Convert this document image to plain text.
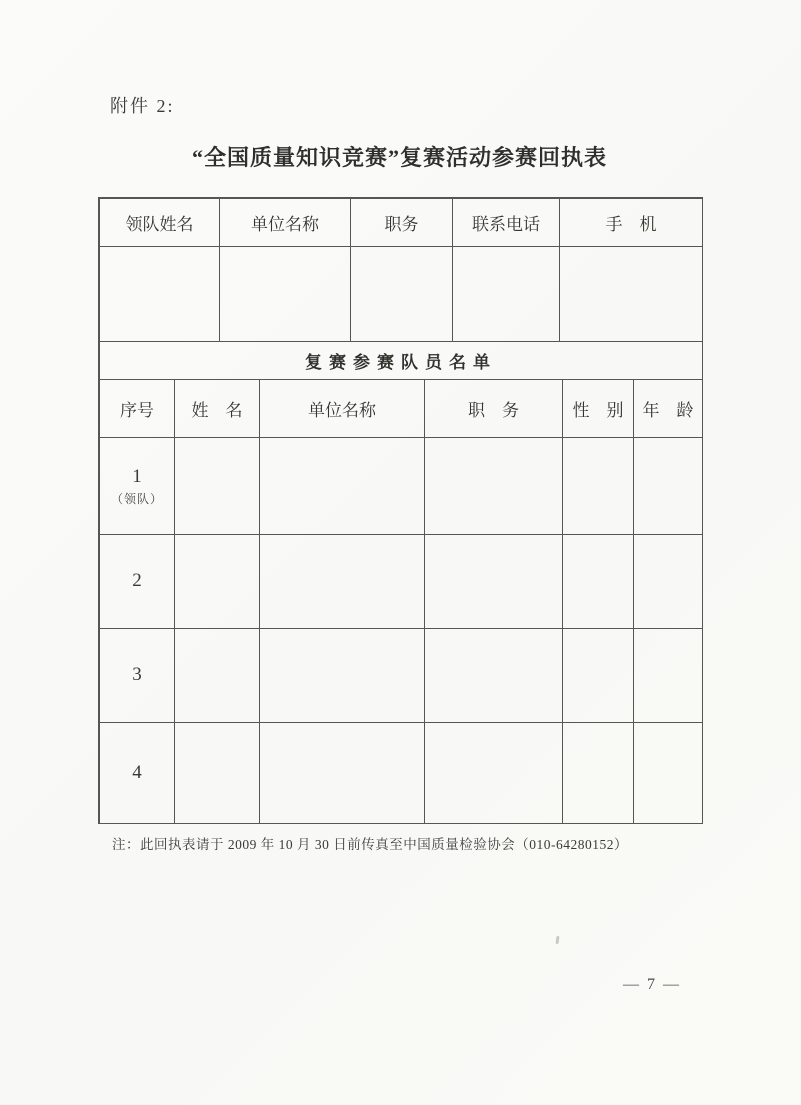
附件 2:
“全国质量知识竞赛”复赛活动参赛回执表
领队姓名	单位名称	职务	联系电话	手　机
复赛参赛队员名单
序号	姓　名	单位名称	职　务	性　别	年　龄
1
（领队）
2
3
4
注：此回执表请于 2009 年 10 月 30 日前传真至中国质量检验协会（010-64280152）
— 7 —
